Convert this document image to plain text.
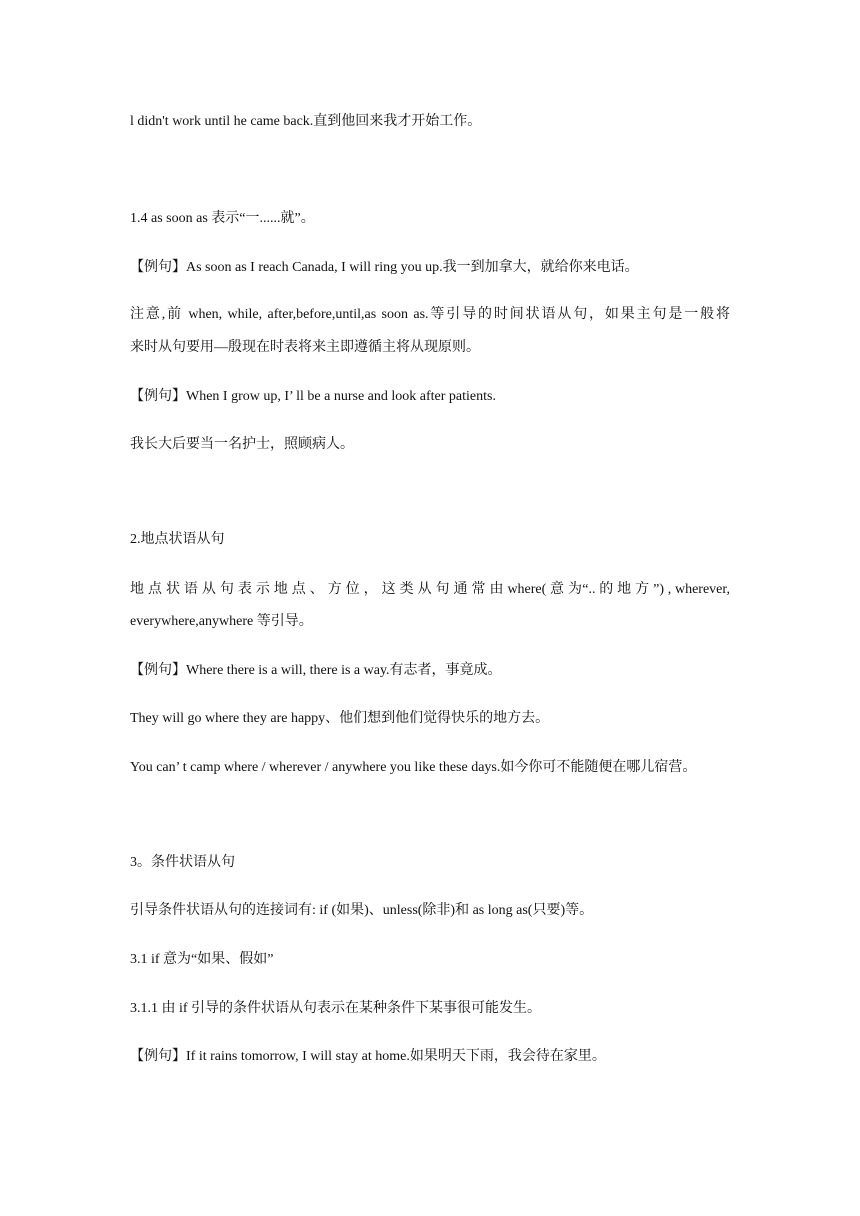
l didn't work until he came back.直到他回来我才开始工作。
1.4 as soon as 表示“一......就”。
【例句】As soon as I reach Canada, I will ring you up.我一到加拿大，就给你来电话。
注意,前 when, while, after,before,until,as soon as.等引导的时间状语从句，如果主句是一般将
来时从句要用—殷现在时表将来主即遵循主将从现原则。
【例句】When I grow up, I’ ll be a nurse and look after patients.
我长大后要当一名护士，照顾病人。
2.地点状语从句
地 点 状 语 从 句 表 示 地 点 、 方 位 ， 这 类 从 句 通 常 由 where( 意 为“.. 的 地 方 ”) , wherever,
everywhere,anywhere 等引导。
【例句】Where there is a will, there is a way.有志者，事竟成。
They will go where they are happy、他们想到他们觉得快乐的地方去。
You can’ t camp where / wherever / anywhere you like these days.如今你可不能随便在哪儿宿营。
3。条件状语从句
引导条件状语从句的连接词有: if (如果)、unless(除非)和 as long as(只要)等。
3.1 if 意为“如果、假如”
3.1.1 由 if 引导的条件状语从句表示在某种条件下某事很可能发生。
【例句】If it rains tomorrow, I will stay at home.如果明天下雨，我会待在家里。
